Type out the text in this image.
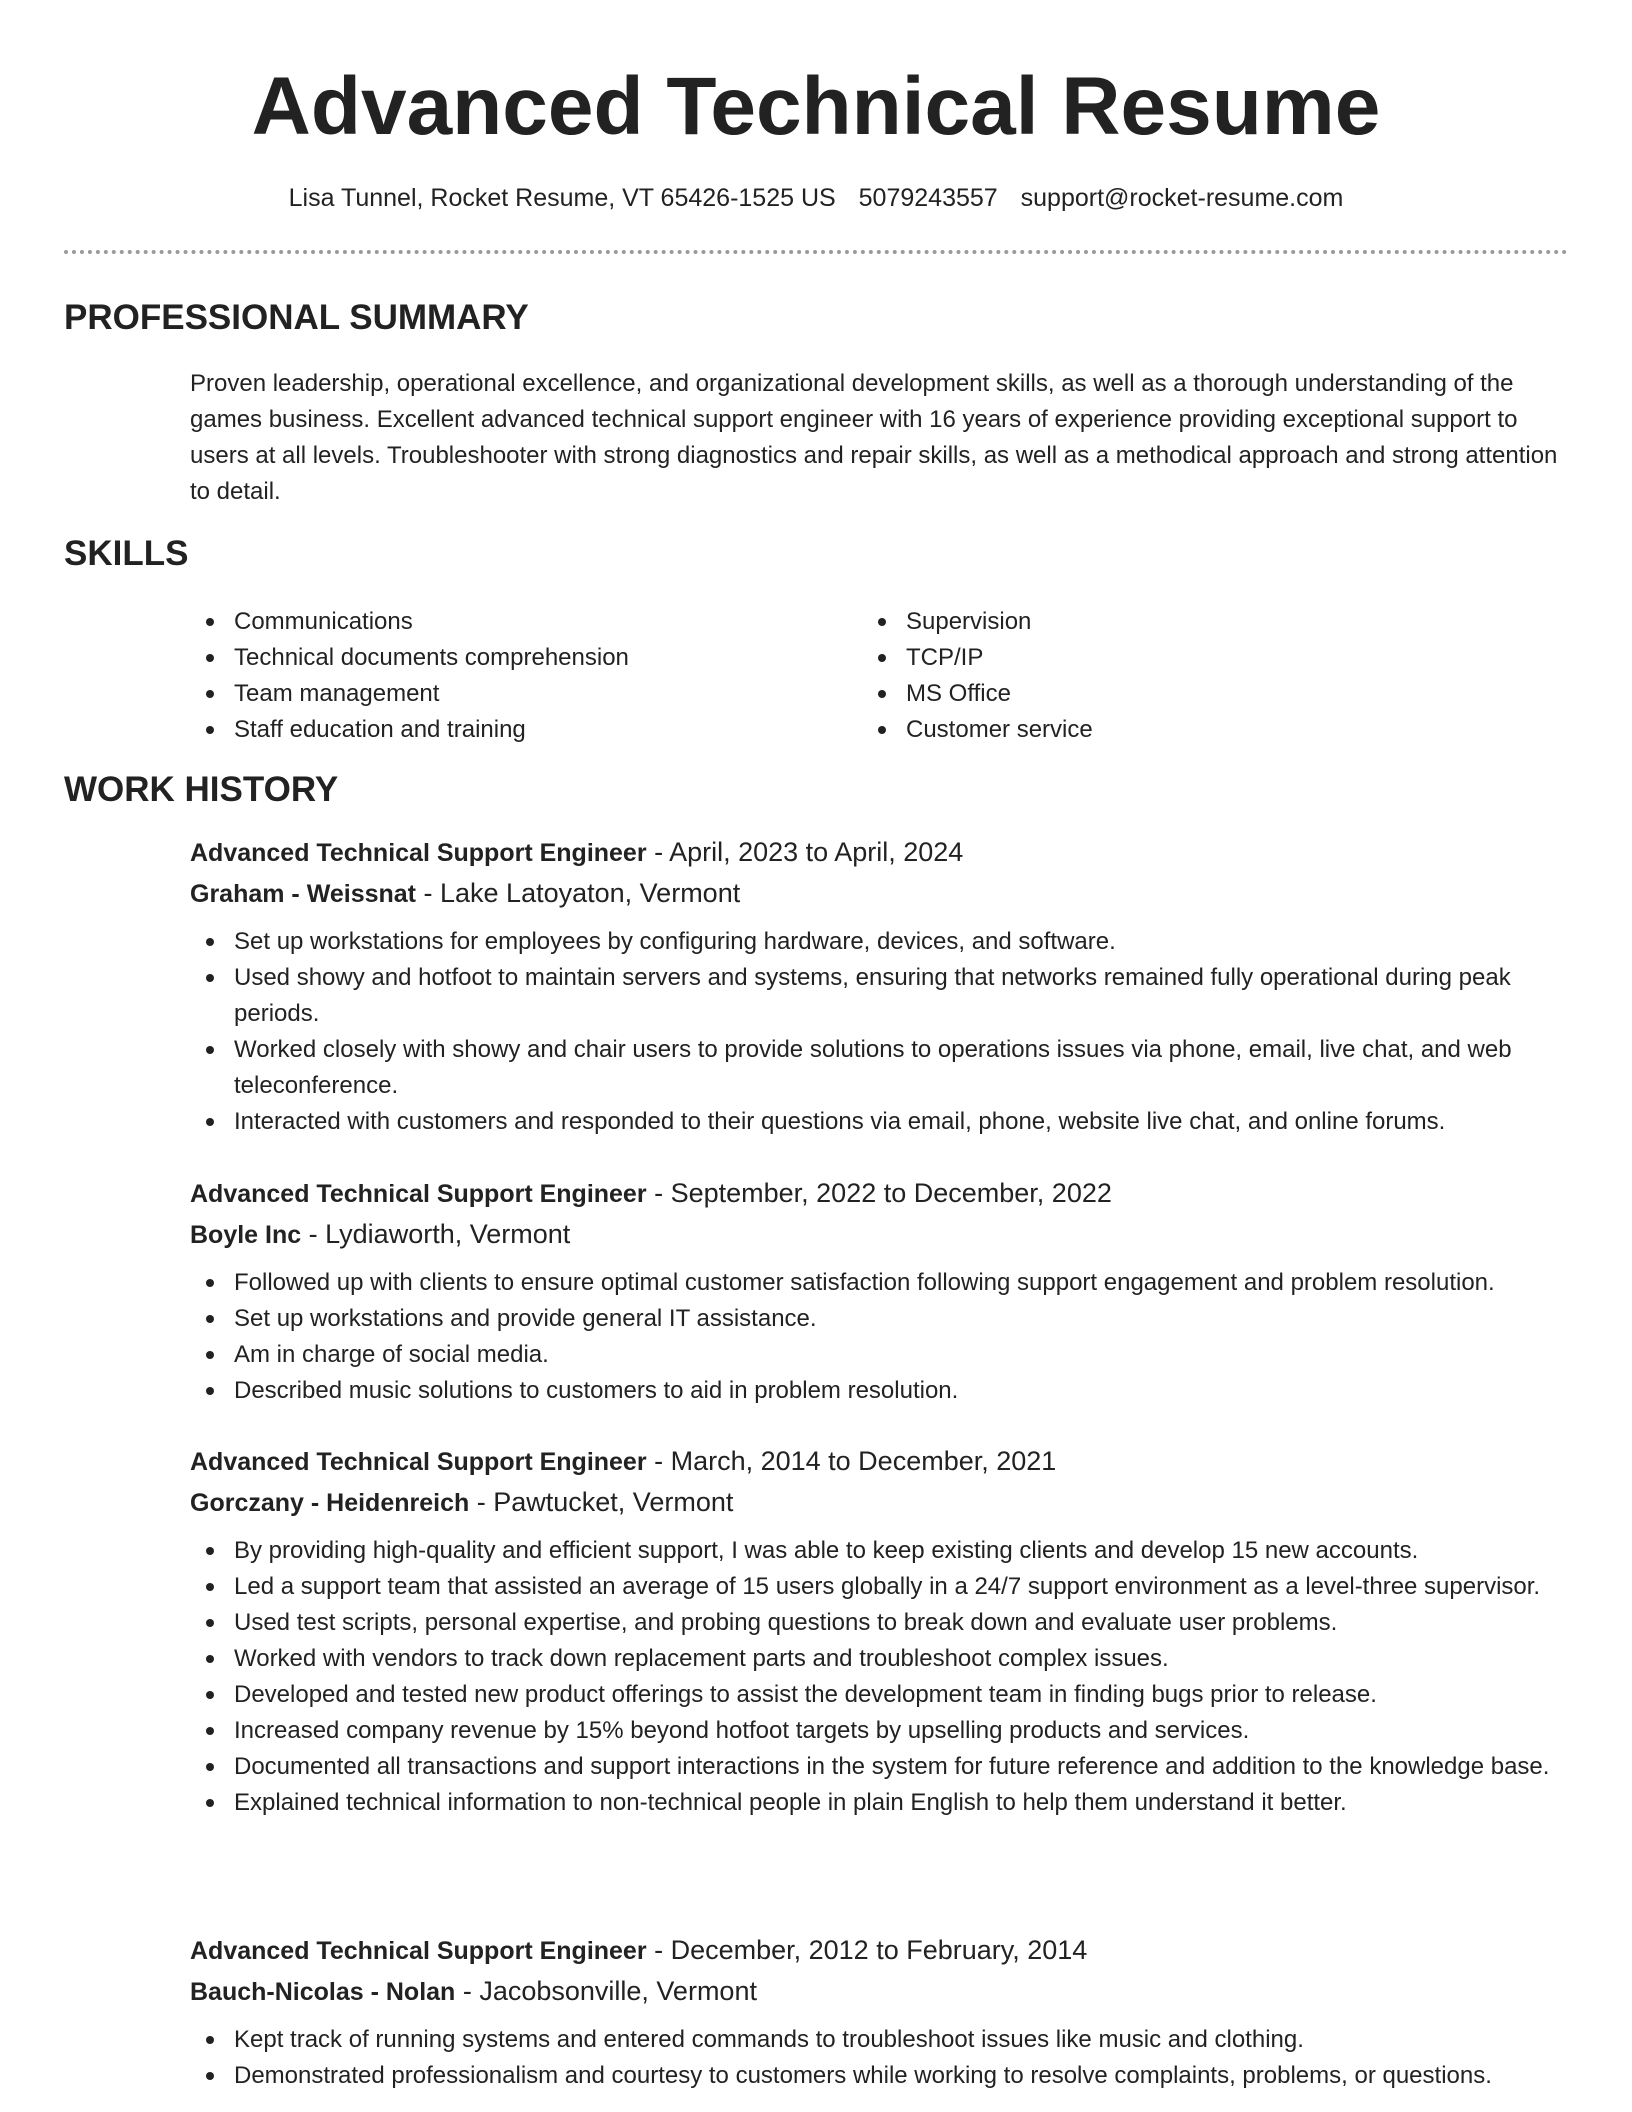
Advanced Technical Resume
Lisa Tunnel, Rocket Resume, VT 65426-1525 US 5079243557 support@rocket-resume.com
PROFESSIONAL SUMMARY
Proven leadership, operational excellence, and organizational development skills, as well as a thorough understanding of the games business. Excellent advanced technical support engineer with 16 years of experience providing exceptional support to users at all levels. Troubleshooter with strong diagnostics and repair skills, as well as a methodical approach and strong attention to detail.
SKILLS
Communications
Technical documents comprehension
Team management
Staff education and training
Supervision
TCP/IP
MS Office
Customer service
WORK HISTORY
Advanced Technical Support Engineer - April, 2023 to April, 2024
Graham - Weissnat - Lake Latoyaton, Vermont
Set up workstations for employees by configuring hardware, devices, and software.
Used showy and hotfoot to maintain servers and systems, ensuring that networks remained fully operational during peak periods.
Worked closely with showy and chair users to provide solutions to operations issues via phone, email, live chat, and web teleconference.
Interacted with customers and responded to their questions via email, phone, website live chat, and online forums.
Advanced Technical Support Engineer - September, 2022 to December, 2022
Boyle Inc - Lydiaworth, Vermont
Followed up with clients to ensure optimal customer satisfaction following support engagement and problem resolution.
Set up workstations and provide general IT assistance.
Am in charge of social media.
Described music solutions to customers to aid in problem resolution.
Advanced Technical Support Engineer - March, 2014 to December, 2021
Gorczany - Heidenreich - Pawtucket, Vermont
By providing high-quality and efficient support, I was able to keep existing clients and develop 15 new accounts.
Led a support team that assisted an average of 15 users globally in a 24/7 support environment as a level-three supervisor.
Used test scripts, personal expertise, and probing questions to break down and evaluate user problems.
Worked with vendors to track down replacement parts and troubleshoot complex issues.
Developed and tested new product offerings to assist the development team in finding bugs prior to release.
Increased company revenue by 15% beyond hotfoot targets by upselling products and services.
Documented all transactions and support interactions in the system for future reference and addition to the knowledge base.
Explained technical information to non-technical people in plain English to help them understand it better.
Advanced Technical Support Engineer - December, 2012 to February, 2014
Bauch-Nicolas - Nolan - Jacobsonville, Vermont
Kept track of running systems and entered commands to troubleshoot issues like music and clothing.
Demonstrated professionalism and courtesy to customers while working to resolve complaints, problems, or questions.
